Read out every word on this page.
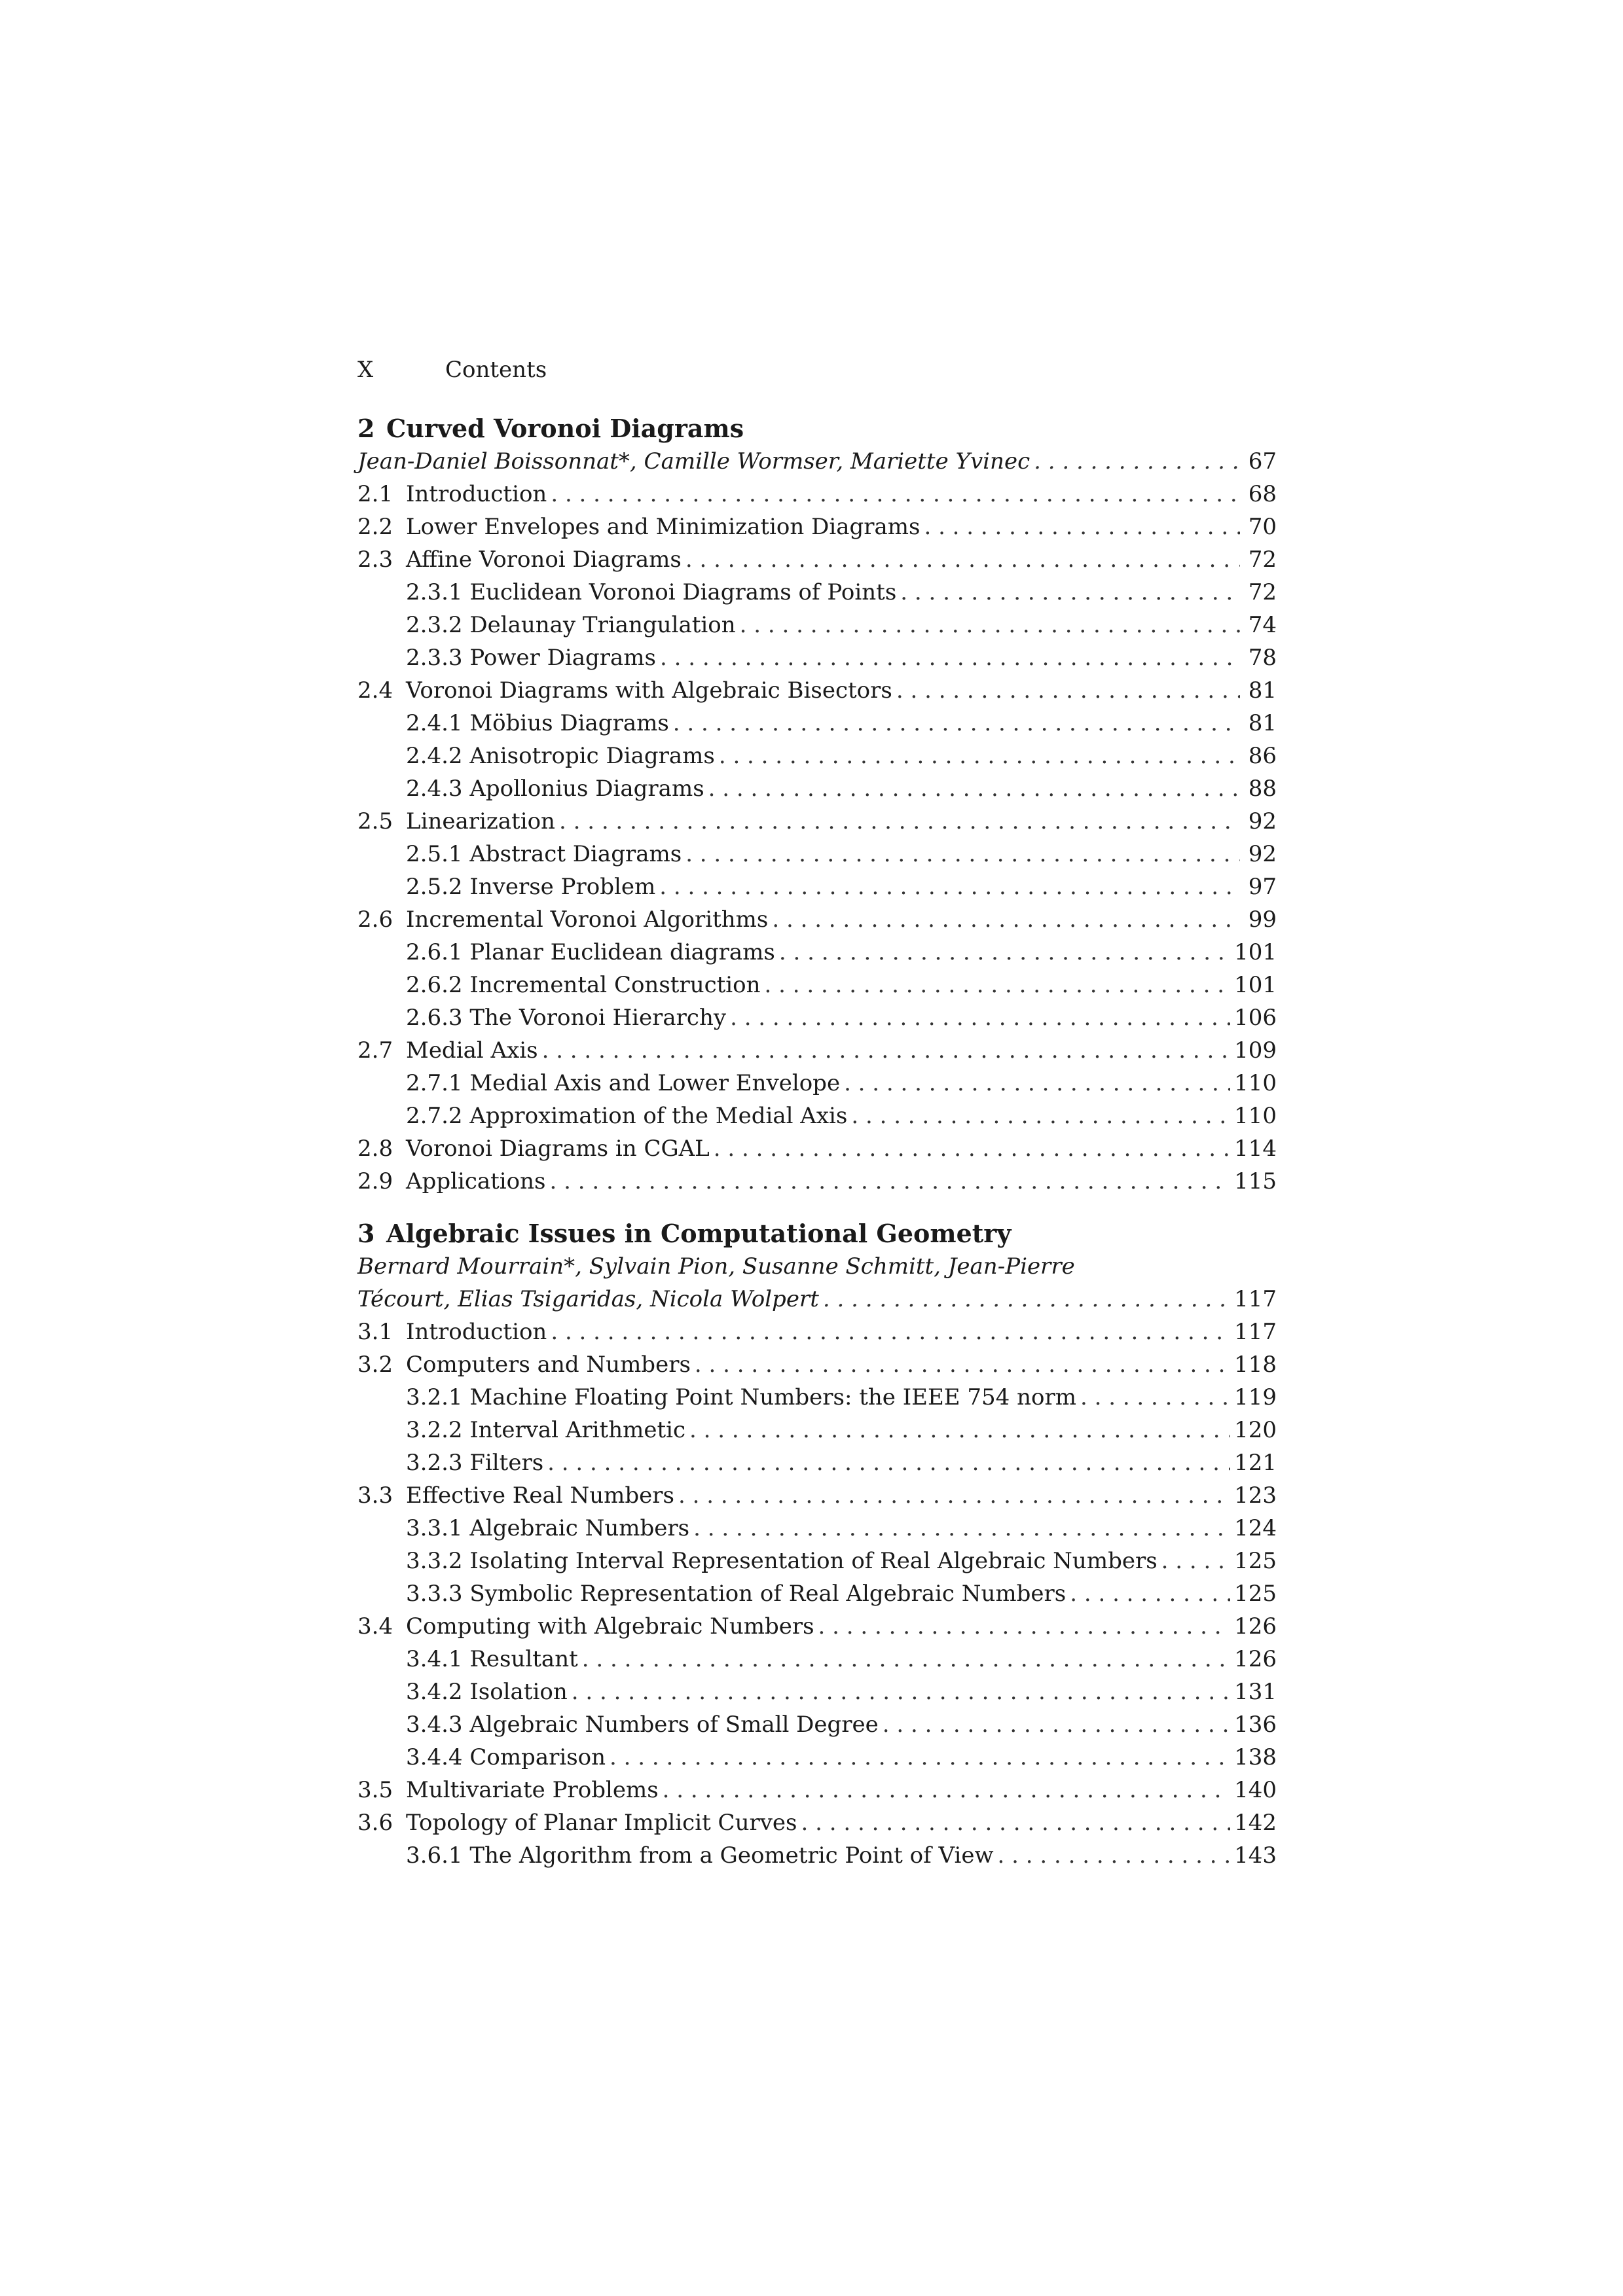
X	Contents
2 Curved Voronoi Diagrams
Jean-Daniel Boissonnat*, Camille Wormser, Mariette Yvinec . . .	67
2.1 Introduction . . .	68
2.2 Lower Envelopes and Minimization Diagrams . . .	70
2.3 Affine Voronoi Diagrams . . .	72
2.3.1 Euclidean Voronoi Diagrams of Points . . .	72
2.3.2 Delaunay Triangulation . . .	74
2.3.3 Power Diagrams . . .	78
2.4 Voronoi Diagrams with Algebraic Bisectors . . .	81
2.4.1 Möbius Diagrams . . .	81
2.4.2 Anisotropic Diagrams . . .	86
2.4.3 Apollonius Diagrams . . .	88
2.5 Linearization . . .	92
2.5.1 Abstract Diagrams . . .	92
2.5.2 Inverse Problem . . .	97
2.6 Incremental Voronoi Algorithms . . .	99
2.6.1 Planar Euclidean diagrams . . .	101
2.6.2 Incremental Construction . . .	101
2.6.3 The Voronoi Hierarchy . . .	106
2.7 Medial Axis . . .	109
2.7.1 Medial Axis and Lower Envelope . . .	110
2.7.2 Approximation of the Medial Axis . . .	110
2.8 Voronoi Diagrams in CGAL . . .	114
2.9 Applications . . .	115
3 Algebraic Issues in Computational Geometry
Bernard Mourrain*, Sylvain Pion, Susanne Schmitt, Jean-Pierre
Técourt, Elias Tsigaridas, Nicola Wolpert . . .	117
3.1 Introduction . . .	117
3.2 Computers and Numbers . . .	118
3.2.1 Machine Floating Point Numbers: the IEEE 754 norm . . .	119
3.2.2 Interval Arithmetic . . .	120
3.2.3 Filters . . .	121
3.3 Effective Real Numbers . . .	123
3.3.1 Algebraic Numbers . . .	124
3.3.2 Isolating Interval Representation of Real Algebraic Numbers . . .	125
3.3.3 Symbolic Representation of Real Algebraic Numbers . . .	125
3.4 Computing with Algebraic Numbers . . .	126
3.4.1 Resultant . . .	126
3.4.2 Isolation . . .	131
3.4.3 Algebraic Numbers of Small Degree . . .	136
3.4.4 Comparison . . .	138
3.5 Multivariate Problems . . .	140
3.6 Topology of Planar Implicit Curves . . .	142
3.6.1 The Algorithm from a Geometric Point of View . . .	143
